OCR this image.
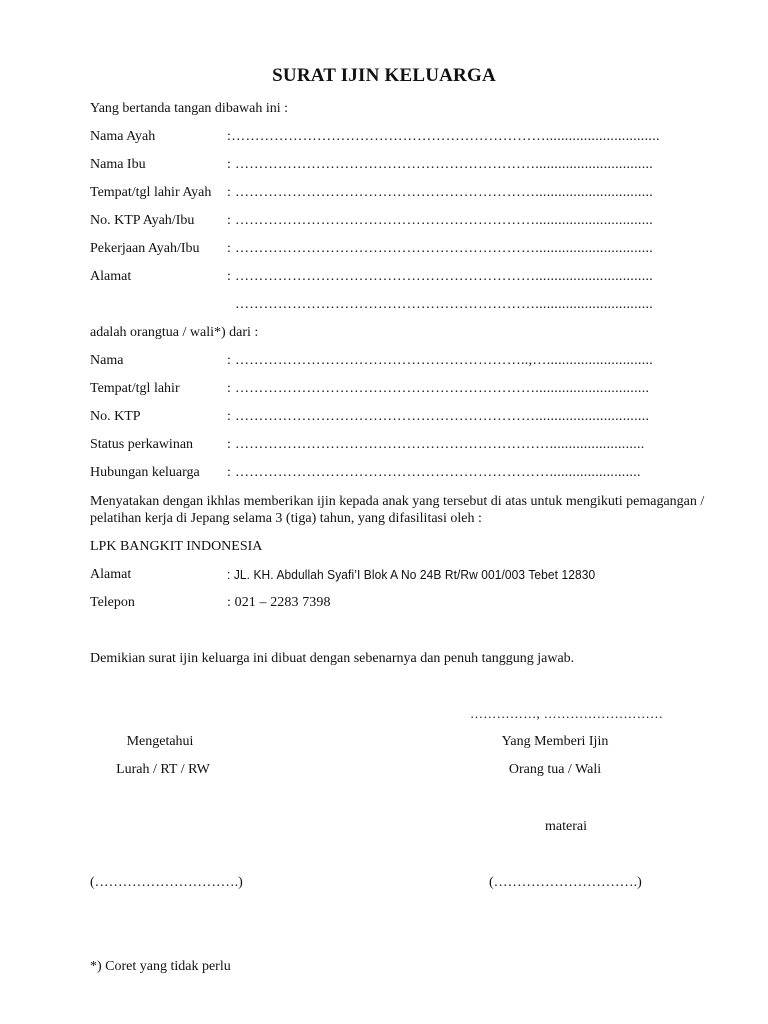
SURAT IJIN KELUARGA
Yang bertanda tangan dibawah ini :
Nama Ayah	:…………………………………………………………..............................
Nama Ibu	: ………………………………………………………...............................
Tempat/tgl lahir Ayah : ………………………………………………………...............................
No. KTP Ayah/Ibu : ………………………………………………………...............................
Pekerjaan Ayah/Ibu : ………………………………………………………...............................
Alamat	: ………………………………………………………...............................
………………………………………………………...............................
adalah orangtua / wali*) dari :
Nama	: ……………………………………………………..,…............................
Tempat/tgl lahir	: ………………………………………………………..............................
No. KTP	: ………………………………………………………..............................
Status perkawinan : ………………………………………………………….........................
Hubungan keluarga : …………………………………………………………........................
Menyatakan dengan ikhlas memberikan ijin kepada anak yang tersebut di atas untuk mengikuti pemagangan / pelatihan kerja di Jepang selama 3 (tiga) tahun, yang difasilitasi oleh :
LPK BANGKIT INDONESIA
Alamat	: JL. KH. Abdullah Syafi’I Blok A No 24B Rt/Rw 001/003 Tebet 12830
Telepon	: 021 – 2283 7398
Demikian surat ijin keluarga ini dibuat dengan sebenarnya dan penuh tanggung jawab.
……………, ………………………
Mengetahui
Lurah / RT / RW
(………………………….)
Yang Memberi Ijin
Orang tua / Wali
materai
(………………………….)
*) Coret yang tidak perlu
